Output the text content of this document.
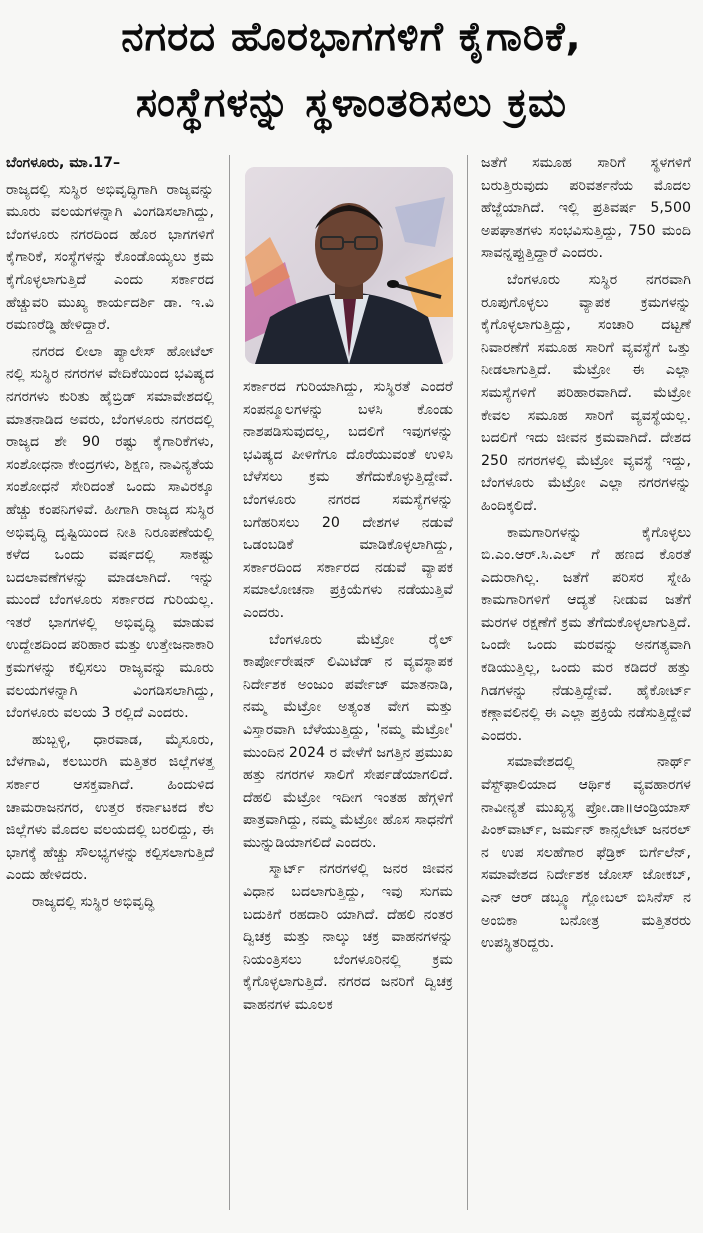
ನಗರದ ಹೊರಭಾಗಗಳಿಗೆ ಕೈಗಾರಿಕೆ,
ಸಂಸ್ಥೆಗಳನ್ನು ಸ್ಥಳಾಂತರಿಸಲು ಕ್ರಮ

ಬೆಂಗಳೂರು, ಮಾ.17–

ರಾಜ್ಯದಲ್ಲಿ ಸುಸ್ಥಿರ ಅಭಿವೃದ್ಧಿಗಾಗಿ ರಾಜ್ಯವನ್ನು ಮೂರು ವಲಯಗಳನ್ನಾಗಿ ವಿಂಗಡಿಸಲಾಗಿದ್ದು, ಬೆಂಗಳೂರು ನಗರದಿಂದ ಹೊರ ಭಾಗಗಳಿಗೆ ಕೈಗಾರಿಕೆ, ಸಂಸ್ಥೆಗಳನ್ನು ಕೊಂಡೊಯ್ಯಲು ಕ್ರಮ ಕೈಗೊಳ್ಳಲಾಗುತ್ತಿದೆ ಎಂದು ಸರ್ಕಾರದ ಹೆಚ್ಚುವರಿ ಮುಖ್ಯ ಕಾರ್ಯದರ್ಶಿ ಡಾ. ಇ.ವಿ ರಮಣರೆಡ್ಡಿ ಹೇಳಿದ್ದಾರೆ.

ನಗರದ ಲೀಲಾ ಪ್ಯಾಲೇಸ್ ಹೋಟೆಲ್ ನಲ್ಲಿ ಸುಸ್ಥಿರ ನಗರಗಳ ವೇದಿಕೆಯಿಂದ ಭವಿಷ್ಯದ ನಗರಗಳು ಕುರಿತು ಹೈಬ್ರಿಡ್ ಸಮಾವೇಶದಲ್ಲಿ ಮಾತನಾಡಿದ ಅವರು, ಬೆಂಗಳೂರು ನಗರದಲ್ಲಿ ರಾಜ್ಯದ ಶೇ 90 ರಷ್ಟು ಕೈಗಾರಿಕೆಗಳು, ಸಂಶೋಧನಾ ಕೇಂದ್ರಗಳು, ಶಿಕ್ಷಣ, ನಾವಿನ್ಯತೆಯ ಸಂಶೋಧನೆ ಸೇರಿದಂತೆ ಒಂದು ಸಾವಿರಕ್ಕೂ ಹೆಚ್ಚು ಕಂಪನಿಗಳಿವೆ. ಹೀಗಾಗಿ ರಾಜ್ಯದ ಸುಸ್ಥಿರ ಅಭಿವೃದ್ಧಿ ದೃಷ್ಟಿಯಿಂದ ನೀತಿ ನಿರೂಪಣೆಯಲ್ಲಿ ಕಳೆದ ಒಂದು ವರ್ಷದಲ್ಲಿ ಸಾಕಷ್ಟು ಬದಲಾವಣೆಗಳನ್ನು ಮಾಡಲಾಗಿದೆ. ಇನ್ನು ಮುಂದೆ ಬೆಂಗಳೂರು ಸರ್ಕಾರದ ಗುರಿಯಲ್ಲ. ಇತರೆ ಭಾಗಗಳಲ್ಲಿ ಅಭಿವೃದ್ಧಿ ಮಾಡುವ ಉದ್ದೇಶದಿಂದ ಪರಿಹಾರ ಮತ್ತು ಉತ್ತೇಜನಾಕಾರಿ ಕ್ರಮಗಳನ್ನು ಕಲ್ಪಿಸಲು ರಾಜ್ಯವನ್ನು ಮೂರು ವಲಯಗಳನ್ನಾಗಿ ವಿಂಗಡಿಸಲಾಗಿದ್ದು, ಬೆಂಗಳೂರು ವಲಯ 3 ರಲ್ಲಿದೆ ಎಂದರು.

ಹುಬ್ಬಳ್ಳಿ, ಧಾರವಾಡ, ಮೈಸೂರು, ಬೆಳಗಾವಿ, ಕಲಬುರಗಿ ಮತ್ತಿತರ ಜಿಲ್ಲೆಗಳತ್ತ ಸರ್ಕಾರ ಆಸಕ್ತವಾಗಿದೆ. ಹಿಂದುಳಿದ ಚಾಮರಾಜನಗರ, ಉತ್ತರ ಕರ್ನಾಟಕದ ಕೆಲ ಜಿಲ್ಲೆಗಳು ಮೊದಲ ವಲಯದಲ್ಲಿ ಬರಲಿದ್ದು, ಈ ಭಾಗಕ್ಕೆ ಹೆಚ್ಚು ಸೌಲಭ್ಯಗಳನ್ನು ಕಲ್ಪಿಸಲಾಗುತ್ತಿದೆ ಎಂದು ಹೇಳಿದರು.

ರಾಜ್ಯದಲ್ಲಿ ಸುಸ್ಥಿರ ಅಭಿವೃದ್ಧಿ

ಸರ್ಕಾರದ ಗುರಿಯಾಗಿದ್ದು, ಸುಸ್ಥಿರತೆ ಎಂದರೆ ಸಂಪನ್ಮೂಲಗಳನ್ನು ಬಳಸಿ ಕೊಂಡು ನಾಶಪಡಿಸುವುದಲ್ಲ, ಬದಲಿಗೆ ಇವುಗಳನ್ನು ಭವಿಷ್ಯದ ಪೀಳಿಗೆಗೂ ದೊರೆಯುವಂತೆ ಉಳಿಸಿ ಬೆಳೆಸಲು ಕ್ರಮ ತೆಗೆದುಕೊಳ್ಳುತ್ತಿದ್ದೇವೆ. ಬೆಂಗಳೂರು ನಗರದ ಸಮಸ್ಯೆಗಳನ್ನು ಬಗೆಹರಿಸಲು 20 ದೇಶಗಳ ನಡುವೆ ಒಡಂಬಡಿಕೆ ಮಾಡಿಕೊಳ್ಳಲಾಗಿದ್ದು, ಸರ್ಕಾರದಿಂದ ಸರ್ಕಾರದ ನಡುವೆ ವ್ಯಾಪಕ ಸಮಾಲೋಚನಾ ಪ್ರಕ್ರಿಯೆಗಳು ನಡೆಯುತ್ತಿವೆ ಎಂದರು.

ಬೆಂಗಳೂರು ಮೆಟ್ರೋ ರೈಲ್ ಕಾರ್ಪೋರೇಷನ್ ಲಿಮಿಟೆಡ್ ನ ವ್ಯವಸ್ಥಾಪಕ ನಿರ್ದೇಶಕ ಅಂಜುಂ ಪರ್ವೇಜ್ ಮಾತನಾಡಿ, ನಮ್ಮ ಮೆಟ್ರೋ ಅತ್ಯಂತ ವೇಗ ಮತ್ತು ವಿಸ್ತಾರವಾಗಿ ಬೆಳೆಯುತ್ತಿದ್ದು, 'ನಮ್ಮ ಮೆಟ್ರೋ' ಮುಂದಿನ 2024 ರ ವೇಳೆಗೆ ಜಗತ್ತಿನ ಪ್ರಮುಖ ಹತ್ತು ನಗರಗಳ ಸಾಲಿಗೆ ಸೇರ್ಪಡೆಯಾಗಲಿದೆ. ದೆಹಲಿ ಮೆಟ್ರೋ ಇದೀಗ ಇಂತಹ ಹೆಗ್ಗಳಿಗೆ ಪಾತ್ರವಾಗಿದ್ದು, ನಮ್ಮ ಮೆಟ್ರೋ ಹೊಸ ಸಾಧನೆಗೆ ಮುನ್ನುಡಿಯಾಗಲಿದೆ ಎಂದರು.

ಸ್ಮಾರ್ಟ್ ನಗರಗಳಲ್ಲಿ ಜನರ ಜೀವನ ವಿಧಾನ ಬದಲಾಗುತ್ತಿದ್ದು, ಇವು ಸುಗಮ ಬದುಕಿಗೆ ರಹದಾರಿ ಯಾಗಿದೆ. ದೆಹಲಿ ನಂತರ ದ್ವಿಚಕ್ರ ಮತ್ತು ನಾಲ್ಕು ಚಕ್ರ ವಾಹನಗಳನ್ನು ನಿಯಂತ್ರಿಸಲು ಬೆಂಗಳೂರಿನಲ್ಲಿ ಕ್ರಮ ಕೈಗೊಳ್ಳಲಾಗುತ್ತಿದೆ. ನಗರದ ಜನರಿಗೆ ದ್ವಿಚಕ್ರ ವಾಹನಗಳ ಮೂಲಕ

ಜತೆಗೆ ಸಮೂಹ ಸಾರಿಗೆ ಸ್ಥಳಗಳಿಗೆ ಬರುತ್ತಿರುವುದು ಪರಿವರ್ತನೆಯ ಮೊದಲ ಹೆಜ್ಜೆಯಾಗಿದೆ. ಇಲ್ಲಿ ಪ್ರತಿವರ್ಷ 5,500 ಅಪಘಾತಗಳು ಸಂಭವಿಸುತ್ತಿದ್ದು, 750 ಮಂದಿ ಸಾವನ್ನಪ್ಪುತ್ತಿದ್ದಾರೆ ಎಂದರು.

ಬೆಂಗಳೂರು ಸುಸ್ಥಿರ ನಗರವಾಗಿ ರೂಪುಗೊಳ್ಳಲು ವ್ಯಾಪಕ ಕ್ರಮಗಳನ್ನು ಕೈಗೊಳ್ಳಲಾಗುತ್ತಿದ್ದು, ಸಂಚಾರಿ ದಟ್ಟಣೆ ನಿವಾರಣೆಗೆ ಸಮೂಹ ಸಾರಿಗೆ ವ್ಯವಸ್ಥೆಗೆ ಒತ್ತು ನೀಡಲಾಗುತ್ತಿದೆ. ಮೆಟ್ರೋ ಈ ಎಲ್ಲಾ ಸಮಸ್ಯೆಗಳಿಗೆ ಪರಿಹಾರವಾಗಿದೆ. ಮೆಟ್ರೋ ಕೇವಲ ಸಮೂಹ ಸಾರಿಗೆ ವ್ಯವಸ್ಥೆಯಲ್ಲ. ಬದಲಿಗೆ ಇದು ಜೀವನ ಕ್ರಮವಾಗಿದೆ. ದೇಶದ 250 ನಗರಗಳಲ್ಲಿ ಮೆಟ್ರೋ ವ್ಯವಸ್ಥೆ ಇದ್ದು, ಬೆಂಗಳೂರು ಮೆಟ್ರೋ ಎಲ್ಲಾ ನಗರಗಳನ್ನು ಹಿಂದಿಕ್ಕಲಿದೆ.

ಕಾಮಗಾರಿಗಳನ್ನು ಕೈಗೊಳ್ಳಲು ಬಿ.ಎಂ.ಆರ್.ಸಿ.ಎಲ್ ಗೆ ಹಣದ ಕೊರತೆ ಎದುರಾಗಿಲ್ಲ. ಜತೆಗೆ ಪರಿಸರ ಸ್ನೇಹಿ ಕಾಮಗಾರಿಗಳಿಗೆ ಆದ್ಯತೆ ನೀಡುವ ಜತೆಗೆ ಮರಗಳ ರಕ್ಷಣೆಗೆ ಕ್ರಮ ತೆಗೆದುಕೊಳ್ಳಲಾಗುತ್ತಿದೆ. ಒಂದೇ ಒಂದು ಮರವನ್ನು ಅನಗತ್ಯವಾಗಿ ಕಡಿಯುತ್ತಿಲ್ಲ, ಒಂದು ಮರ ಕಡಿದರೆ ಹತ್ತು ಗಿಡಗಳನ್ನು ನೆಡುತ್ತಿದ್ದೇವೆ. ಹೈಕೋರ್ಟ್ ಕಣ್ಗಾವಲಿನಲ್ಲಿ ಈ ಎಲ್ಲಾ ಪ್ರಕ್ರಿಯೆ ನಡೆಸುತ್ತಿದ್ದೇವೆ ಎಂದರು.

ಸಮಾವೇಶದಲ್ಲಿ ನಾರ್ಥ್ ವೆಸ್ಟ್‌ಫಾಲಿಯಾದ ಆರ್ಥಿಕ ವ್ಯವಹಾರಗಳ ನಾವೀನ್ಯತೆ ಮುಖ್ಯಸ್ಥ ಪ್ರೋ.ಡಾ॥ಆಂಡ್ರಿಯಾಸ್ ಪಿಂಕ್‌ವಾರ್ಟ್, ಜರ್ಮನ್ ಕಾನ್ಸಲೇಟ್ ಜನರಲ್ ನ ಉಪ ಸಲಹೆಗಾರ ಫೆಡ್ರಿಕ್ ಬಿರ್ಗೆಲೆನ್, ಸಮಾವೇಶದ ನಿರ್ದೇಶಕ ಜೋಸ್ ಜೋಕಬ್, ಎನ್ ಆರ್ ಡಬ್ಲ್ಯೂ ಗ್ಲೋಬಲ್ ಬಿಸಿನೆಸ್ ನ ಅಂಬಿಕಾ ಬನೋತ್ರ ಮತ್ತಿತರರು ಉಪಸ್ಥಿತರಿದ್ದರು.
